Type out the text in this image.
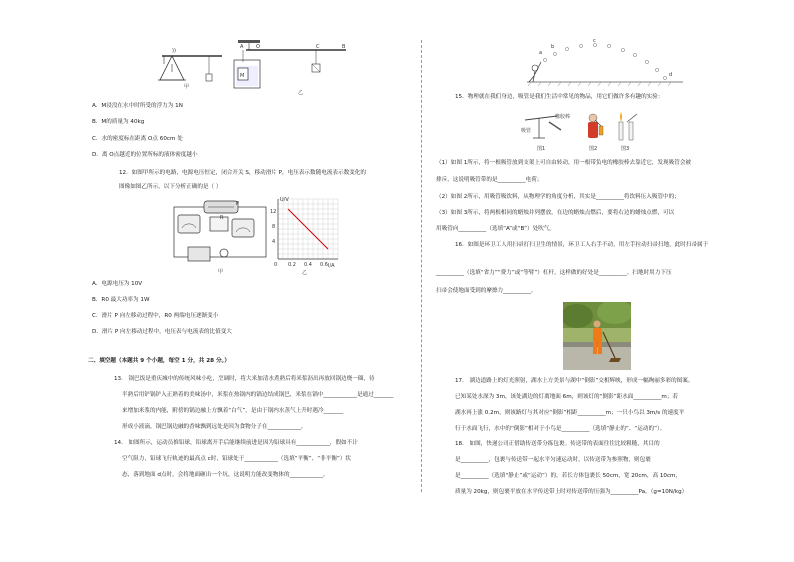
))
甲
O	C	B
A
M
乙
A．M浸没在水中时所受的浮力为 1N
B．M的质量为 40kg
C．水的密度标在距离 O点 60cm 处
D．离 O点越近的位置所标的液体密度越小
12．如图甲所示的电路，电源电压恒定，闭合开关 S，移动滑片 P，电压表示数随电流表示数变化的
图像如图乙所示，以下分析正确的是（ ）
R
P
甲
U/V
I/A
12
8
4
0 0.2 0.4 0.6
乙
A．电源电压为 10V
B．R0 最大功率为 1W
C．滑片 P 向左移动过程中，R0 两端电压逐渐变小
D．滑片 P 向左移动过程中，电压表与电流表的比值变大
二、填空题（本题共 9 个小题，每空 1 分，共 28 分。）
13． 锅巴饭是重庆城中的传统风味小吃，烹调时，将大米加清水煮熟后将米浆沥出再放回锅边烧一圈，待
半熟后用铲锅铲入正熟着的美味汤中，米浆在热锅内的锅边结成锅巴，米浆在锅中____________是通过_______
来增加米浆的内能，附傍的锅边融上方飘着“白气”，是由于锅内水蒸气上升时遇冷_______
形成小液滴，锅巴锅边融的香味飘到远处是因为食物分子在____________。
14． 如图所示，运动员推铅球，铅球离开手后能继续前进是因为铅球具有____________，假如不计
空气阻力，铅球飞行轨迹的最高点 c时，铅球处于____________（选填“平衡”、“非平衡”）状
态，落到地面 d点时，会将地面砸出一个坑，这说明力能改变物体的____________。
a
b
c
d
15．物理就在我们身边，吸管是我们生活中常见的物品，用它们做许多有趣的实验：
吸管
橡胶棒
图1	图2	图3
（1）如图 1所示，将一根吸管放到支架上可自由转动，用一根带负电的橡胶棒去靠近它，发现吸管会被
排斥，这说明吸管带的是__________电荷；
（2）如图 2所示，用吸管吸饮料，从物理学的角度分析，其实是__________将饮料压入吸管中的；
（3）如图 3所示，将两根相同的蜡烛并列摆放，在边的蜡烛点燃后，要将右边的蜡烛点燃，可以
用吸管向__________（选填“A”或“B”）处吹气。
16．如图是环卫工人用扫帚打扫卫生的情景，环卫工人右手不动，用左手拉动扫帚扫地，此时扫帚属于
__________（选填“省力”“费力”或“等臂”）杠杆，这样做的好处是__________。扫地时用力下压
扫帚会使地面受到的摩擦力__________。
17． 湖边道路上的灯光照射，湖水上方美景与湖中“倒影”交相辉映，形成一幅绚丽多彩的图案。
已知某处水深为 3m，该处湖边的灯离地面 6m，则该灯的“倒影”距水面__________m；若
湖水再上涨 0.2m，则该路灯与其对应“倒影”相距__________m；一只小鸟以 3m/s 的速度平
行于水面飞行，水中的“倒影”相对于小鸟是__________（选填“静止的”、“运动的”）。
18． 如图，快递公司正借助传送带分拣包裹。传送带的表面往往比较粗糙，其目的
是__________，包裹与传送带一起水平匀速运动时，以传送带为参照物，则包裹
是__________（选填“静止”或“运动”）的。若长方体包裹长 50cm，宽 20cm，高 10cm，
质量为 20kg，则包裹平放在水平传送带上时对传送带的压强为__________Pa。（g=10N/kg）
